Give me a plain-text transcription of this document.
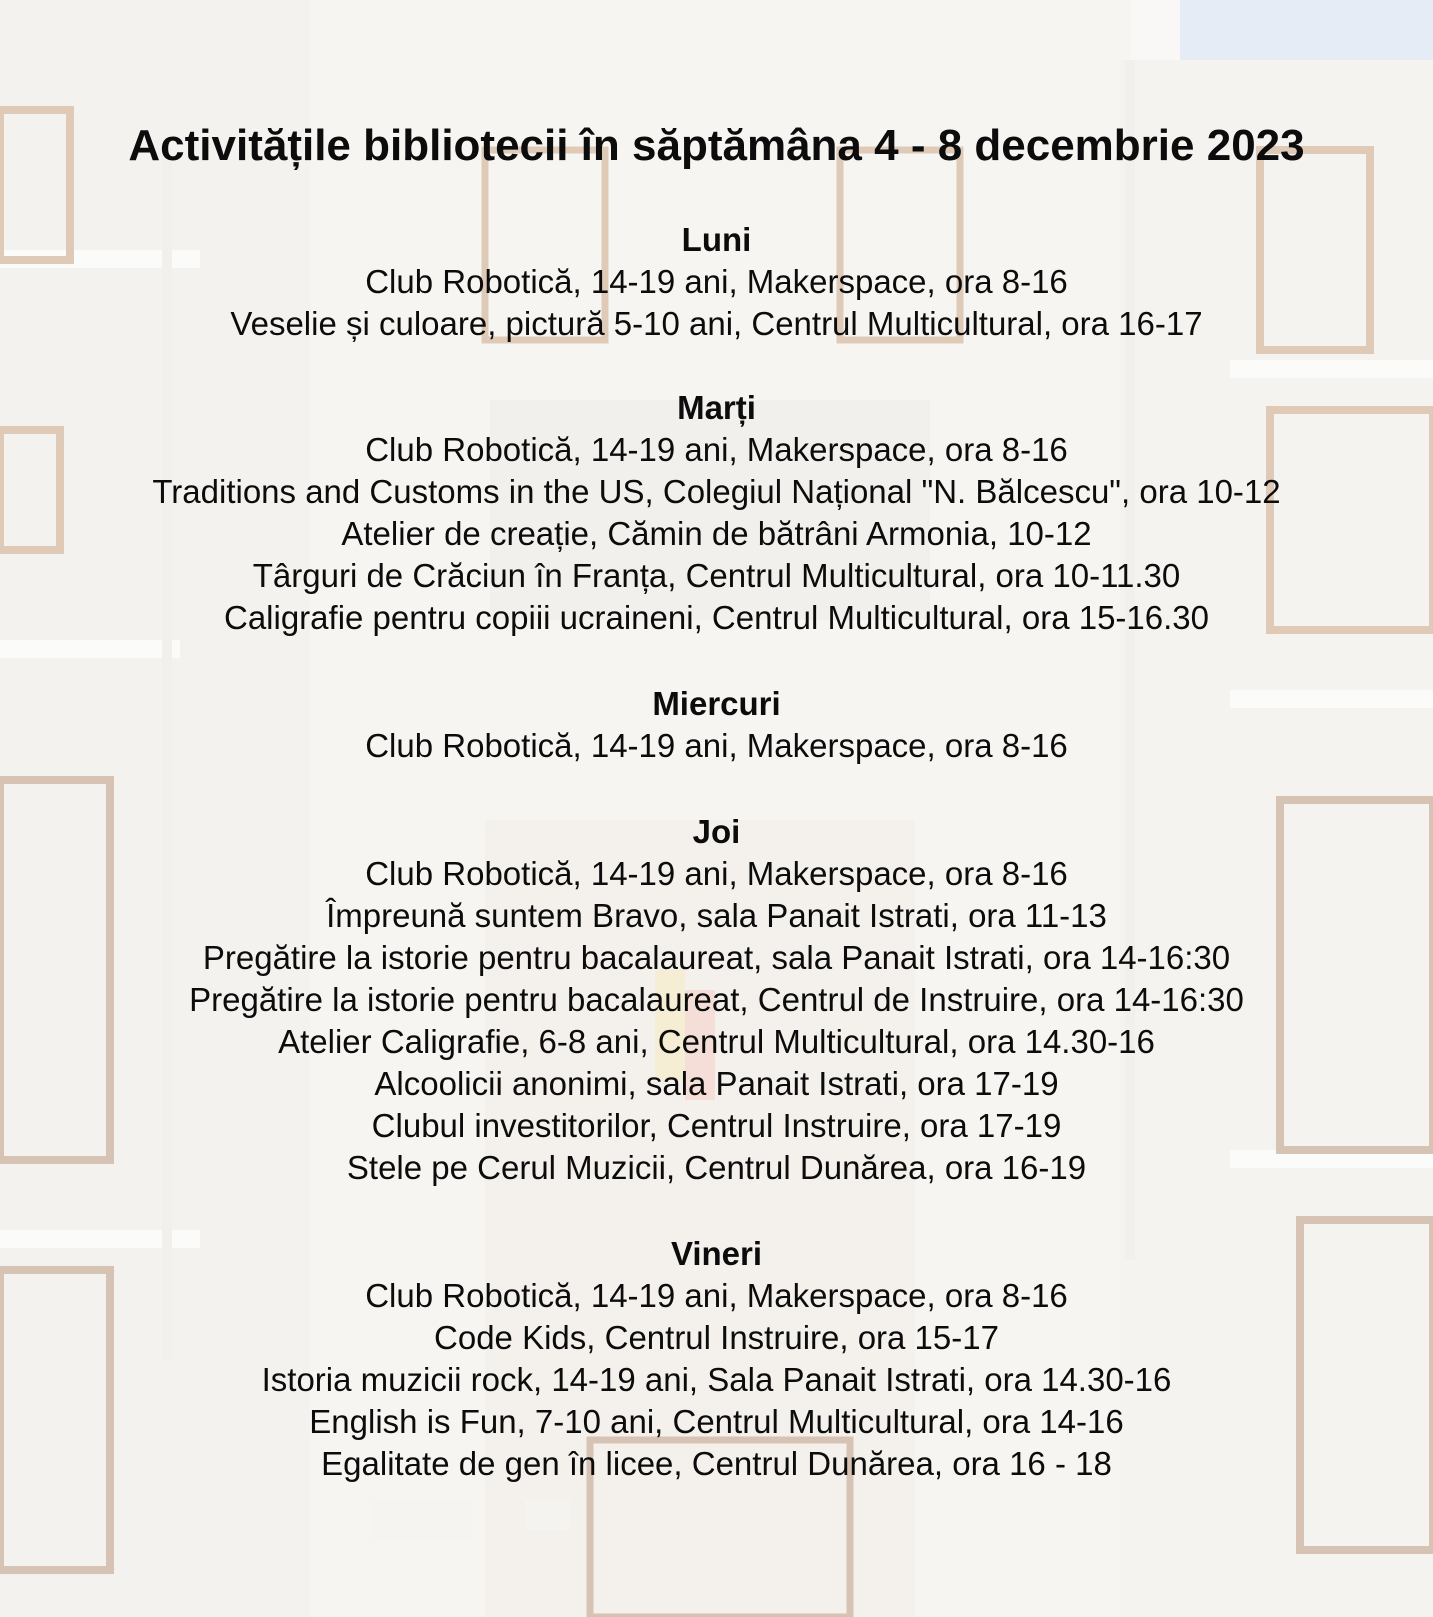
Activitățile bibliotecii în săptămâna 4 - 8 decembrie 2023
Luni
Club Robotică, 14-19 ani, Makerspace, ora 8-16
Veselie și culoare, pictură 5-10 ani, Centrul Multicultural, ora 16-17
Marți
Club Robotică, 14-19 ani, Makerspace, ora 8-16
Traditions and Customs in the US, Colegiul Național "N. Bălcescu", ora 10-12
Atelier de creație, Cămin de bătrâni Armonia, 10-12
Târguri de Crăciun în Franța, Centrul Multicultural, ora 10-11.30
Caligrafie pentru copiii ucraineni, Centrul Multicultural, ora 15-16.30
Miercuri
Club Robotică, 14-19 ani, Makerspace, ora 8-16
Joi
Club Robotică, 14-19 ani, Makerspace, ora 8-16
Împreună suntem Bravo, sala Panait Istrati, ora 11-13
Pregătire la istorie pentru bacalaureat, sala Panait Istrati, ora 14-16:30
Pregătire la istorie pentru bacalaureat, Centrul de Instruire, ora 14-16:30
Atelier Caligrafie, 6-8 ani, Centrul Multicultural, ora 14.30-16
Alcoolicii anonimi, sala Panait Istrati, ora 17-19
Clubul investitorilor, Centrul Instruire, ora 17-19
Stele pe Cerul Muzicii, Centrul Dunărea, ora 16-19
Vineri
Club Robotică, 14-19 ani, Makerspace, ora 8-16
Code Kids, Centrul Instruire, ora 15-17
Istoria muzicii rock, 14-19 ani, Sala Panait Istrati, ora 14.30-16
English is Fun, 7-10 ani, Centrul Multicultural, ora 14-16
Egalitate de gen în licee, Centrul Dunărea, ora 16 - 18
